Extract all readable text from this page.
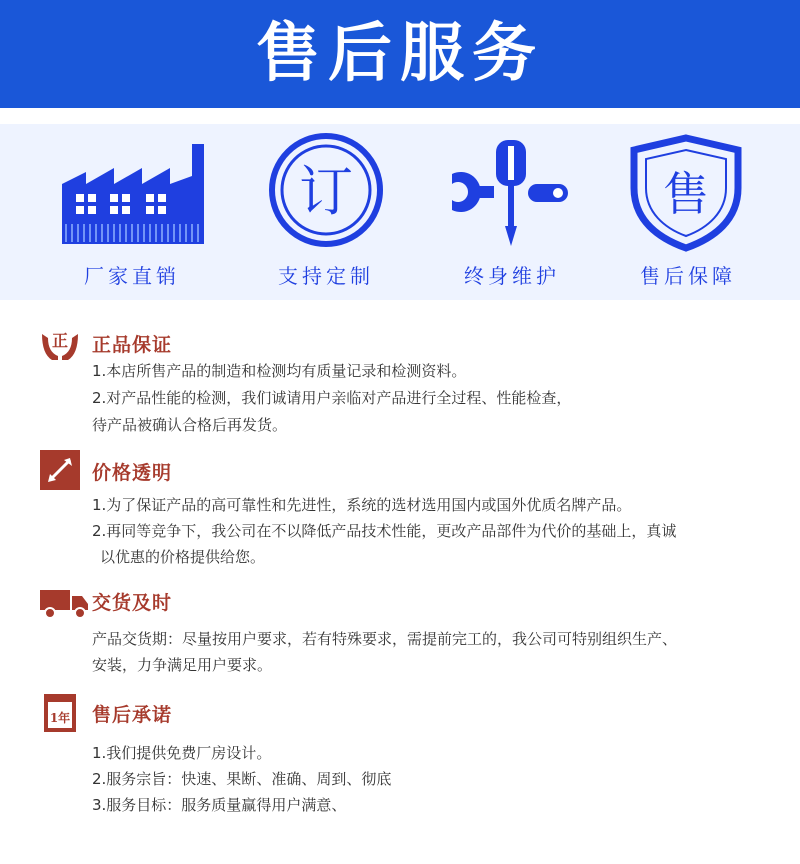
售后服务
厂家直销
订
支持定制	终身维护
售
售后保障
正 正品保证
1.本店所售产品的制造和检测均有质量记录和检测资料。
2.对产品性能的检测，我们诚请用户亲临对产品进行全过程、性能检查，
待产品被确认合格后再发货。
价格透明
1.为了保证产品的高可靠性和先进性，系统的选材选用国内或国外优质名牌产品。
2.再同等竞争下，我公司在不以降低产品技术性能，更改产品部件为代价的基础上，真诚
以优惠的价格提供给您。
交货及时
产品交货期：尽量按用户要求，若有特殊要求，需提前完工的，我公司可特别组织生产、
安装，力争满足用户要求。
1年 售后承诺
1.我们提供免费厂房设计。
2.服务宗旨：快速、果断、准确、周到、彻底
3.服务目标：服务质量赢得用户满意、
